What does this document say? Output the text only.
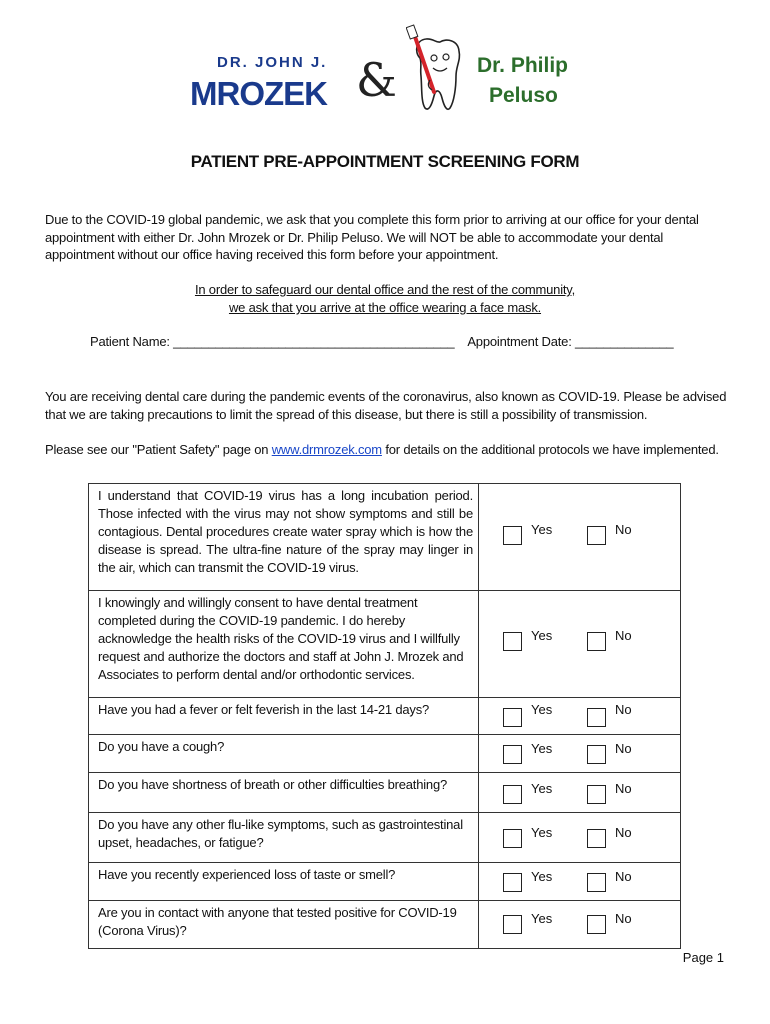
DR. JOHN J.
MROZEK &	Dr. Philip
Peluso
PATIENT PRE-APPOINTMENT SCREENING FORM
Due to the COVID-19 global pandemic, we ask that you complete this form prior to arriving at our office for your dental appointment with either Dr. John Mrozek or Dr. Philip Peluso. We will NOT be able to accommodate your dental appointment without our office having received this form before your appointment.
In order to safeguard our dental office and the rest of the community,
we ask that you arrive at the office wearing a face mask.
Patient Name: ________________________________________ Appointment Date: ______________
You are receiving dental care during the pandemic events of the coronavirus, also known as COVID-19. Please be advised that we are taking precautions to limit the spread of this disease, but there is still a possibility of transmission.
Please see our "Patient Safety" page on www.drmrozek.com for details on the additional protocols we have implemented.
I understand that COVID-19 virus has a long incubation period. Those infected with the virus may not show symptoms and still be contagious. Dental procedures create water spray which is how the disease is spread. The ultra-fine nature of the spray may linger in the air, which can transmit the COVID-19 virus.	Yes No

I knowingly and willingly consent to have dental treatment completed during the COVID-19 pandemic. I do hereby acknowledge the health risks of the COVID-19 virus and I willfully request and authorize the doctors and staff at John J. Mrozek and Associates to perform dental and/or orthodontic services.	Yes No

Have you had a fever or felt feverish in the last 14-21 days?	Yes No

Do you have a cough?	Yes No

Do you have shortness of breath or other difficulties breathing?	Yes No

Do you have any other flu-like symptoms, such as gastrointestinal upset, headaches, or fatigue?	Yes No

Have you recently experienced loss of taste or smell?	Yes No

Are you in contact with anyone that tested positive for COVID-19 (Corona Virus)?	Yes No
Page 1
